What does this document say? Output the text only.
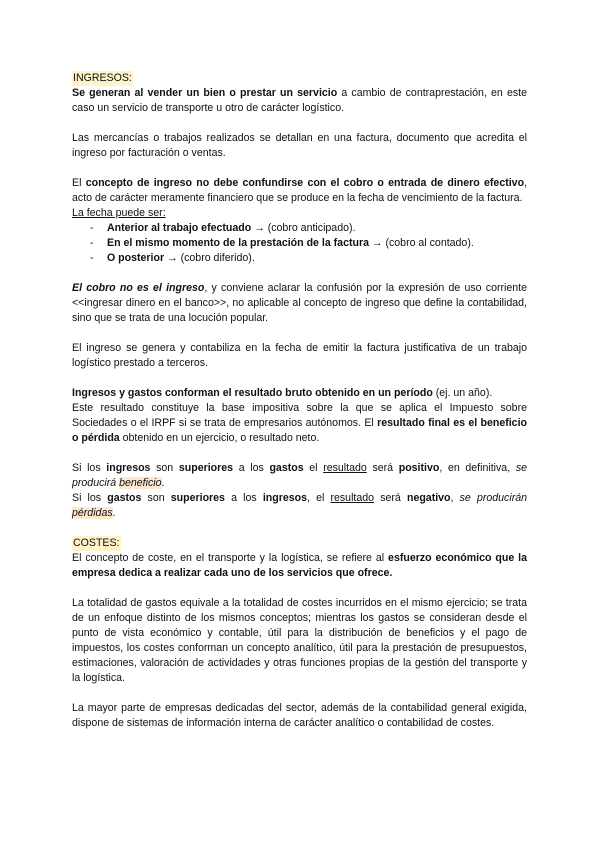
INGRESOS:

Se generan al vender un bien o prestar un servicio a cambio de contraprestación, en este caso un servicio de transporte u otro de carácter logístico.

Las mercancías o trabajos realizados se detallan en una factura, documento que acredita el ingreso por facturación o ventas.

El concepto de ingreso no debe confundirse con el cobro o entrada de dinero efectivo, acto de carácter meramente financiero que se produce en la fecha de vencimiento de la factura.

La fecha puede ser:

- Anterior al trabajo efectuado → (cobro anticipado).
- En el mismo momento de la prestación de la factura → (cobro al contado).
- O posterior → (cobro diferido).

El cobro no es el ingreso, y conviene aclarar la confusión por la expresión de uso corriente <<ingresar dinero en el banco>>, no aplicable al concepto de ingreso que define la contabilidad, sino que se trata de una locución popular.

El ingreso se genera y contabiliza en la fecha de emitir la factura justificativa de un trabajo logístico prestado a terceros.

Ingresos y gastos conforman el resultado bruto obtenido en un período (ej. un año).

Este resultado constituye la base impositiva sobre la que se aplica el Impuesto sobre Sociedades o el IRPF si se trata de empresarios autónomos. El resultado final es el beneficio o pérdida obtenido en un ejercicio, o resultado neto.

Si los ingresos son superiores a los gastos el resultado será positivo, en definitiva, se producirá beneficio.

Si los gastos son superiores a los ingresos, el resultado será negativo, se producirán pérdidas.

COSTES:

El concepto de coste, en el transporte y la logística, se refiere al esfuerzo económico que la empresa dedica a realizar cada uno de los servicios que ofrece.

La totalidad de gastos equivale a la totalidad de costes incurridos en el mismo ejercicio; se trata de un enfoque distinto de los mismos conceptos; mientras los gastos se consideran desde el punto de vista económico y contable, útil para la distribución de beneficios y el pago de impuestos, los costes conforman un concepto analítico, útil para la prestación de presupuestos, estimaciones, valoración de actividades y otras funciones propias de la gestión del transporte y la logística.

La mayor parte de empresas dedicadas del sector, además de la contabilidad general exigida, dispone de sistemas de información interna de carácter analítico o contabilidad de costes.
